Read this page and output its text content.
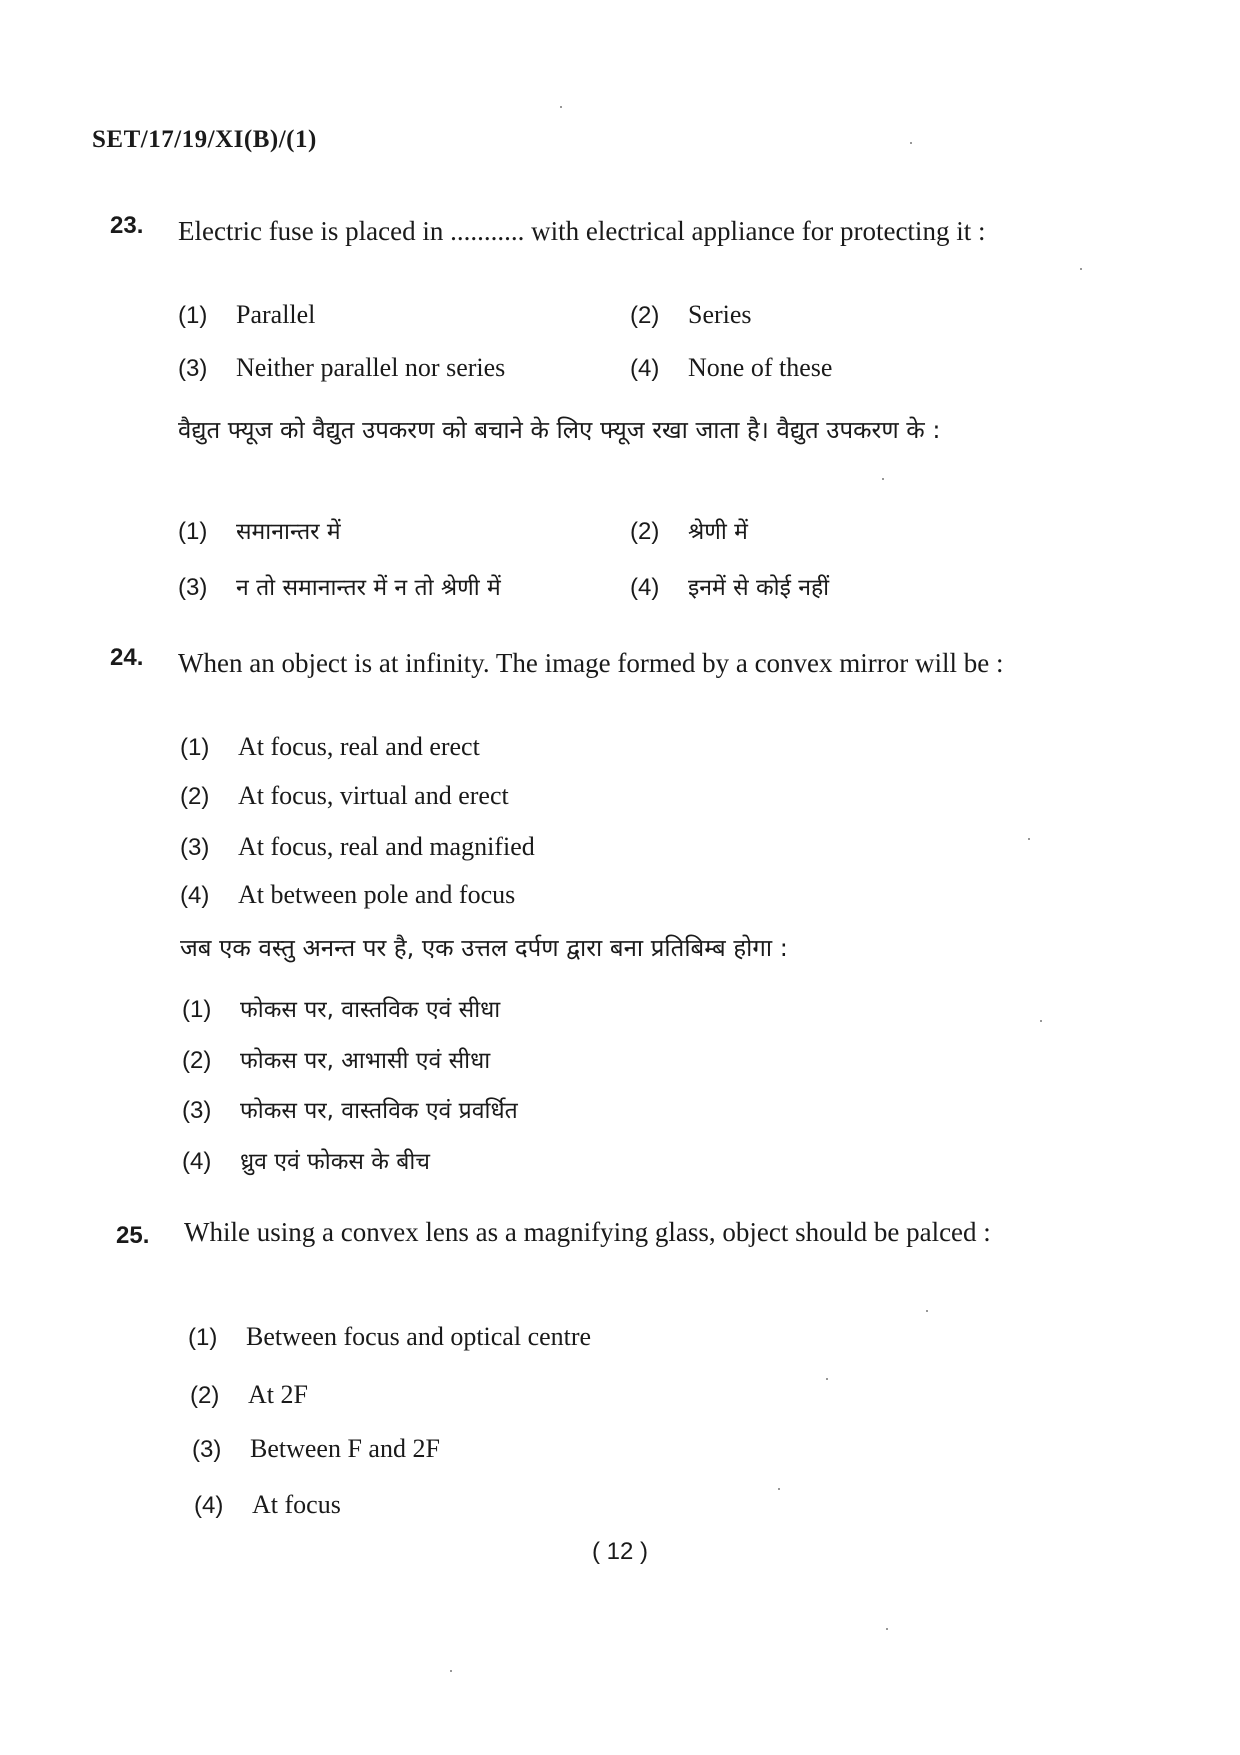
SET/17/19/XI(B)/(1)
23. Electric fuse is placed in ........... with electrical appliance for protecting it :
(1) Parallel	(2) Series
(3) Neither parallel nor series	(4) None of these
वैद्युत फ्यूज को वैद्युत उपकरण को बचाने के लिए फ्यूज रखा जाता है। वैद्युत उपकरण के :
(1) समानान्तर में	(2) श्रेणी में
(3) न तो समानान्तर में न तो श्रेणी में	(4) इनमें से कोई नहीं
24. When an object is at infinity. The image formed by a convex mirror will be :
(1) At focus, real and erect
(2) At focus, virtual and erect
(3) At focus, real and magnified
(4) At between pole and focus
जब एक वस्तु अनन्त पर है, एक उत्तल दर्पण द्वारा बना प्रतिबिम्ब होगा :
(1) फोकस पर, वास्तविक एवं सीधा
(2) फोकस पर, आभासी एवं सीधा
(3) फोकस पर, वास्तविक एवं प्रवर्धित
(4) ध्रुव एवं फोकस के बीच
25. While using a convex lens as a magnifying glass, object should be palced :
(1) Between focus and optical centre
(2) At 2F
(3) Between F and 2F
(4) At focus
( 12 )
